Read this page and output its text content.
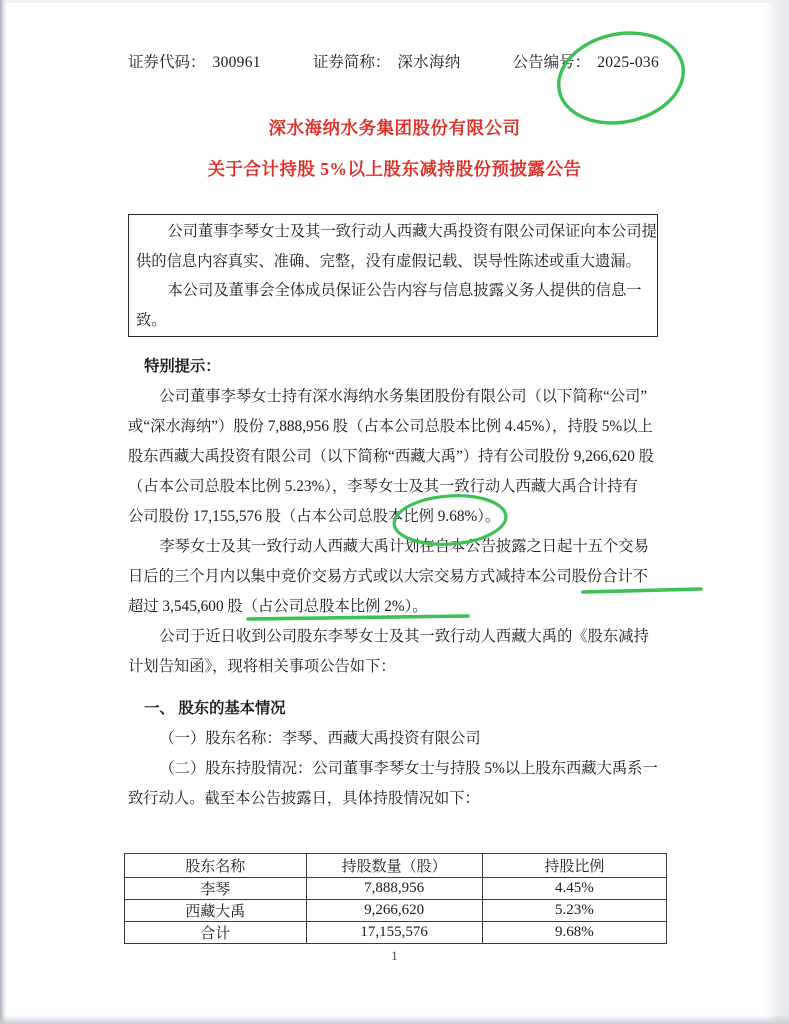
证券代码： 300961	证券简称： 深水海纳	公告编号： 2025-036
深水海纳水务集团股份有限公司
关于合计持股 5%以上股东减持股份预披露公告
公司董事李琴女士及其一致行动人西藏大禹投资有限公司保证向本公司提
供的信息内容真实、准确、完整，没有虚假记载、误导性陈述或重大遗漏。
本公司及董事会全体成员保证公告内容与信息披露义务人提供的信息一
致。
特别提示：
公司董事李琴女士持有深水海纳水务集团股份有限公司（以下简称“公司”
或“深水海纳”）股份 7,888,956 股（占本公司总股本比例 4.45%），持股 5%以上
股东西藏大禹投资有限公司（以下简称“西藏大禹”）持有公司股份 9,266,620 股
（占本公司总股本比例 5.23%），李琴女士及其一致行动人西藏大禹合计持有
公司股份 17,155,576 股（占本公司总股本比例 9.68%）。
李琴女士及其一致行动人西藏大禹计划在自本公告披露之日起十五个交易
日后的三个月内以集中竞价交易方式或以大宗交易方式减持本公司股份合计不
超过 3,545,600 股（占公司总股本比例 2%）。
公司于近日收到公司股东李琴女士及其一致行动人西藏大禹的《股东减持
计划告知函》，现将相关事项公告如下：
一、 股东的基本情况
（一）股东名称：李琴、西藏大禹投资有限公司
（二）股东持股情况：公司董事李琴女士与持股 5%以上股东西藏大禹系一
致行动人。截至本公告披露日，具体持股情况如下：
股东名称	持股数量（股）	持股比例
李琴	7,888,956	4.45%
西藏大禹	9,266,620	5.23%
合计	17,155,576	9.68%
1
